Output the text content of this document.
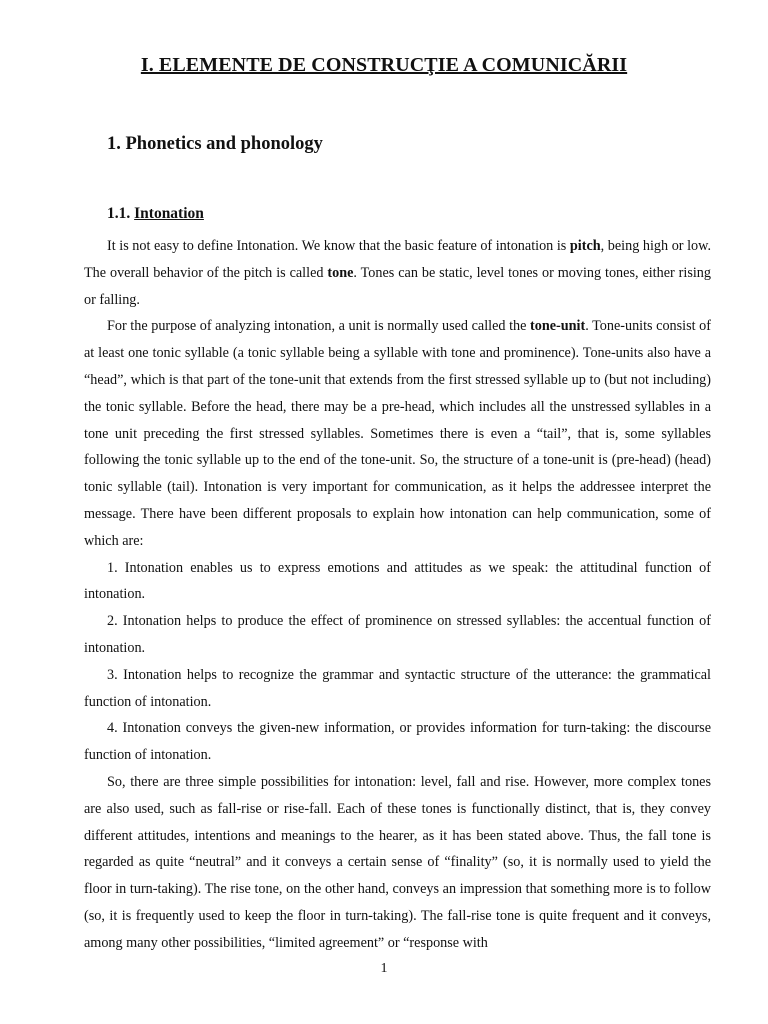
I. ELEMENTE DE CONSTRUCŢIE A COMUNICĂRII
1. Phonetics and phonology
1.1. Intonation

It is not easy to define Intonation. We know that the basic feature of intonation is pitch, being high or low. The overall behavior of the pitch is called tone. Tones can be static, level tones or moving tones, either rising or falling.

For the purpose of analyzing intonation, a unit is normally used called the tone-unit. Tone-units consist of at least one tonic syllable (a tonic syllable being a syllable with tone and prominence). Tone-units also have a “head”, which is that part of the tone-unit that extends from the first stressed syllable up to (but not including) the tonic syllable. Before the head, there may be a pre-head, which includes all the unstressed syllables in a tone unit preceding the first stressed syllables. Sometimes there is even a “tail”, that is, some syllables following the tonic syllable up to the end of the tone-unit. So, the structure of a tone-unit is (pre-head) (head) tonic syllable (tail). Intonation is very important for communication, as it helps the addressee interpret the message. There have been different proposals to explain how intonation can help communication, some of which are:

1. Intonation enables us to express emotions and attitudes as we speak: the attitudinal function of intonation.

2. Intonation helps to produce the effect of prominence on stressed syllables: the accentual function of intonation.

3. Intonation helps to recognize the grammar and syntactic structure of the utterance: the grammatical function of intonation.

4. Intonation conveys the given-new information, or provides information for turn-taking: the discourse function of intonation.

So, there are three simple possibilities for intonation: level, fall and rise. However, more complex tones are also used, such as fall-rise or rise-fall. Each of these tones is functionally distinct, that is, they convey different attitudes, intentions and meanings to the hearer, as it has been stated above. Thus, the fall tone is regarded as quite “neutral” and it conveys a certain sense of “finality” (so, it is normally used to yield the floor in turn-taking). The rise tone, on the other hand, conveys an impression that something more is to follow (so, it is frequently used to keep the floor in turn-taking). The fall-rise tone is quite frequent and it conveys, among many other possibilities, “limited agreement” or “response with

1
